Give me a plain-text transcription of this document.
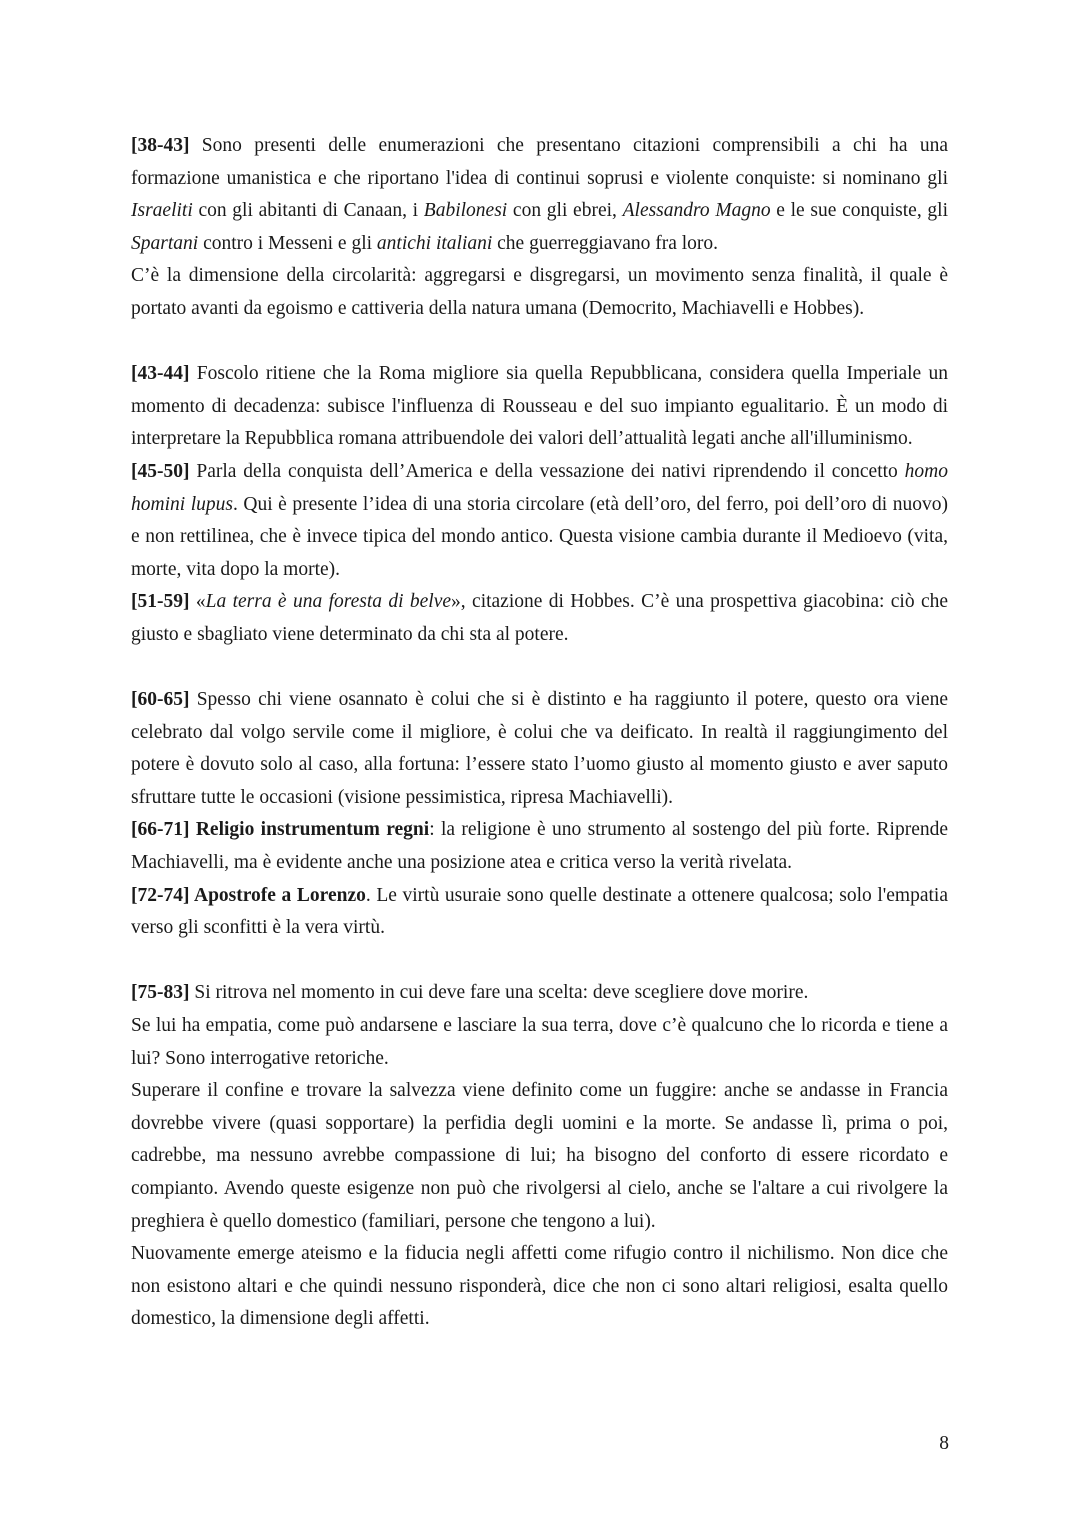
[38-43] Sono presenti delle enumerazioni che presentano citazioni comprensibili a chi ha una formazione umanistica e che riportano l'idea di continui soprusi e violente conquiste: si nominano gli Israeliti con gli abitanti di Canaan, i Babilonesi con gli ebrei, Alessandro Magno e le sue conquiste, gli Spartani contro i Messeni e gli antichi italiani che guerreggiavano fra loro.

C’è la dimensione della circolarità: aggregarsi e disgregarsi, un movimento senza finalità, il quale è portato avanti da egoismo e cattiveria della natura umana (Democrito, Machiavelli e Hobbes).

[43-44] Foscolo ritiene che la Roma migliore sia quella Repubblicana, considera quella Imperiale un momento di decadenza: subisce l'influenza di Rousseau e del suo impianto egualitario. È un modo di interpretare la Repubblica romana attribuendole dei valori dell’attualità legati anche all'illuminismo.

[45-50] Parla della conquista dell’America e della vessazione dei nativi riprendendo il concetto homo homini lupus. Qui è presente l’idea di una storia circolare (età dell’oro, del ferro, poi dell’oro di nuovo) e non rettilinea, che è invece tipica del mondo antico. Questa visione cambia durante il Medioevo (vita, morte, vita dopo la morte).

[51-59] «La terra è una foresta di belve», citazione di Hobbes. C’è una prospettiva giacobina: ciò che giusto e sbagliato viene determinato da chi sta al potere.

[60-65] Spesso chi viene osannato è colui che si è distinto e ha raggiunto il potere, questo ora viene celebrato dal volgo servile come il migliore, è colui che va deificato. In realtà il raggiungimento del potere è dovuto solo al caso, alla fortuna: l’essere stato l’uomo giusto al momento giusto e aver saputo sfruttare tutte le occasioni (visione pessimistica, ripresa Machiavelli).

[66-71] Religio instrumentum regni: la religione è uno strumento al sostengo del più forte. Riprende Machiavelli, ma è evidente anche una posizione atea e critica verso la verità rivelata.

[72-74] Apostrofe a Lorenzo. Le virtù usuraie sono quelle destinate a ottenere qualcosa; solo l'empatia verso gli sconfitti è la vera virtù.

[75-83] Si ritrova nel momento in cui deve fare una scelta: deve scegliere dove morire.

Se lui ha empatia, come può andarsene e lasciare la sua terra, dove c’è qualcuno che lo ricorda e tiene a lui? Sono interrogative retoriche.

Superare il confine e trovare la salvezza viene definito come un fuggire: anche se andasse in Francia dovrebbe vivere (quasi sopportare) la perfidia degli uomini e la morte. Se andasse lì, prima o poi, cadrebbe, ma nessuno avrebbe compassione di lui; ha bisogno del conforto di essere ricordato e compianto. Avendo queste esigenze non può che rivolgersi al cielo, anche se l'altare a cui rivolgere la preghiera è quello domestico (familiari, persone che tengono a lui).

Nuovamente emerge ateismo e la fiducia negli affetti come rifugio contro il nichilismo. Non dice che non esistono altari e che quindi nessuno risponderà, dice che non ci sono altari religiosi, esalta quello domestico, la dimensione degli affetti.

8
